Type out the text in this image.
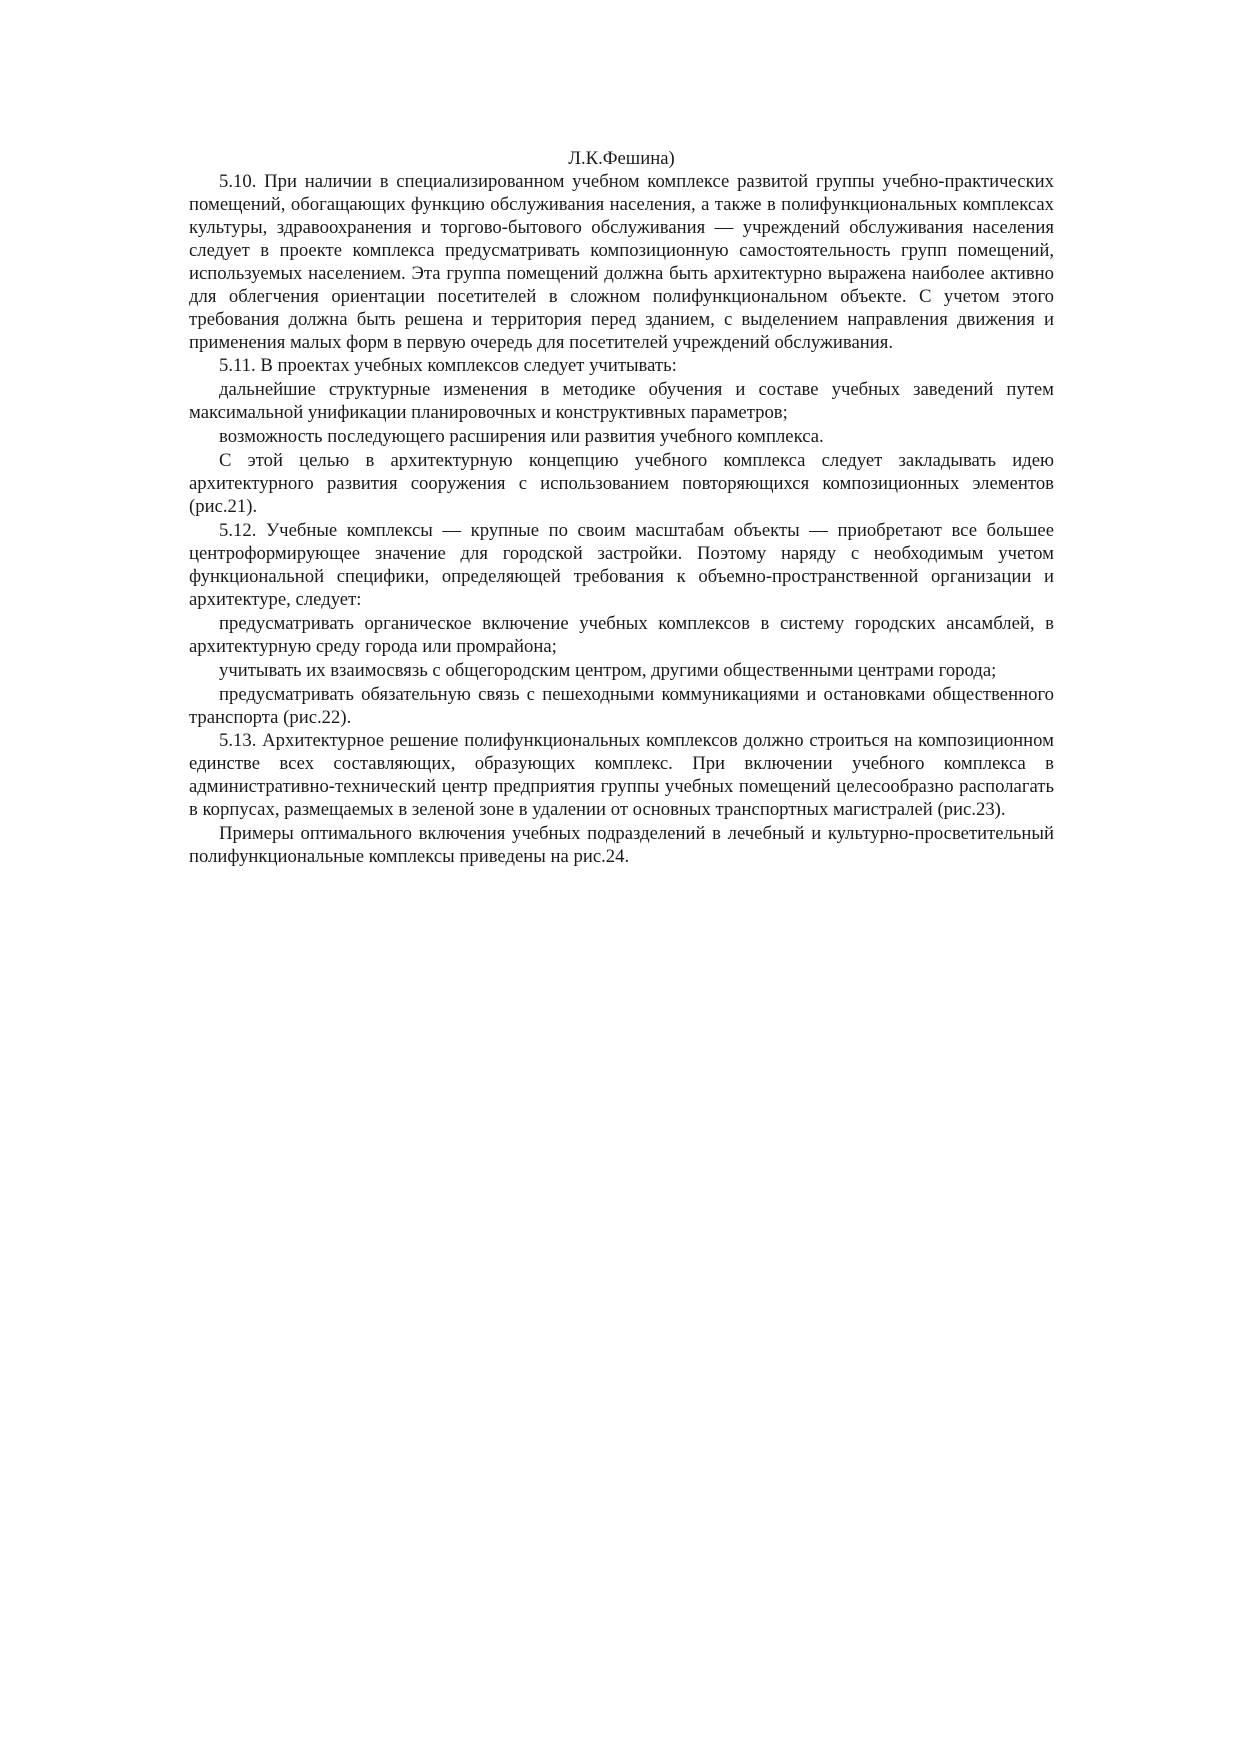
Л.К.Фешина)

5.10. При наличии в специализированном учебном комплексе развитой группы учебно-практических помещений, обогащающих функцию обслуживания населения, а также в полифункциональных комплексах культуры, здравоохранения и торгово-бытового обслуживания — учреждений обслуживания населения следует в проекте комплекса предусматривать композиционную самостоятельность групп помещений, используемых населением. Эта группа помещений должна быть архитектурно выражена наиболее активно для облегчения ориентации посетителей в сложном полифункциональном объекте. С учетом этого требования должна быть решена и территория перед зданием, с выделением направления движения и применения малых форм в первую очередь для посетителей учреждений обслуживания.

5.11. В проектах учебных комплексов следует учитывать:

дальнейшие структурные изменения в методике обучения и составе учебных заведений путем максимальной унификации планировочных и конструктивных параметров;

возможность последующего расширения или развития учебного комплекса.

С этой целью в архитектурную концепцию учебного комплекса следует закладывать идею архитектурного развития сооружения с использованием повторяющихся композиционных элементов (рис.21).

5.12. Учебные комплексы — крупные по своим масштабам объекты — приобретают все большее центроформирующее значение для городской застройки. Поэтому наряду с необходимым учетом функциональной специфики, определяющей требования к объемно-пространственной организации и архитектуре, следует:

предусматривать органическое включение учебных комплексов в систему городских ансамблей, в архитектурную среду города или промрайона;

учитывать их взаимосвязь с общегородским центром, другими общественными центрами города;

предусматривать обязательную связь с пешеходными коммуникациями и остановками общественного транспорта (рис.22).

5.13. Архитектурное решение полифункциональных комплексов должно строиться на композиционном единстве всех составляющих, образующих комплекс. При включении учебного комплекса в административно-технический центр предприятия группы учебных помещений целесообразно располагать в корпусах, размещаемых в зеленой зоне в удалении от основных транспортных магистралей (рис.23).

Примеры оптимального включения учебных подразделений в лечебный и культурно-просветительный полифункциональные комплексы приведены на рис.24.
